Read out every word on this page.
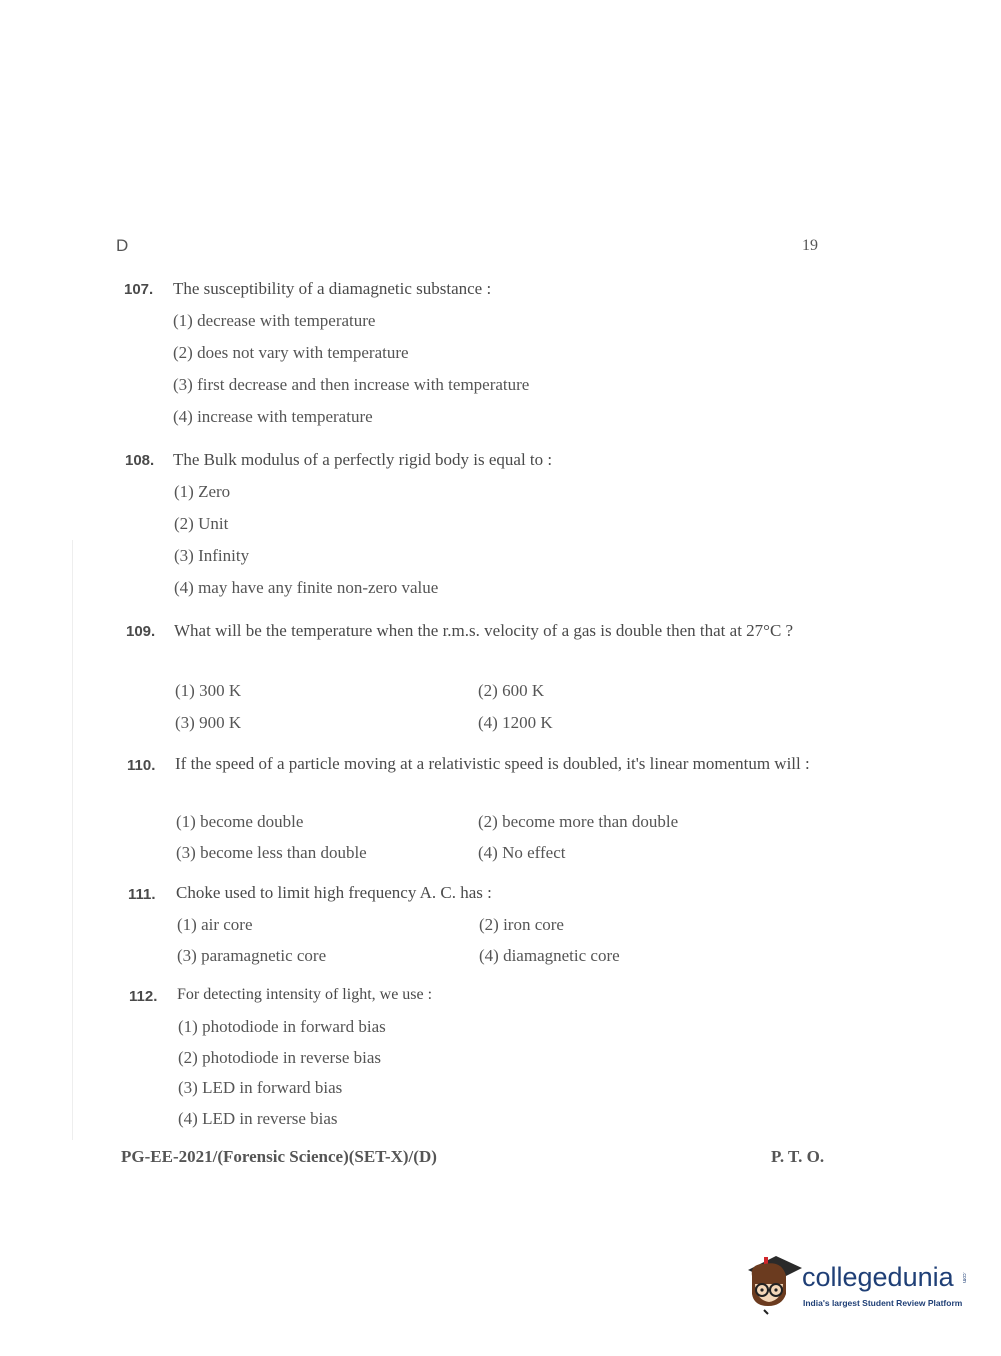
D	19
107. The susceptibility of a diamagnetic substance :
(1) decrease with temperature
(2) does not vary with temperature
(3) first decrease and then increase with temperature
(4) increase with temperature
108. The Bulk modulus of a perfectly rigid body is equal to :
(1) Zero
(2) Unit
(3) Infinity
(4) may have any finite non-zero value
109. What will be the temperature when the r.m.s. velocity of a gas is double then that at 27°C ?
(1) 300 K	(2) 600 K
(3) 900 K	(4) 1200 K
110. If the speed of a particle moving at a relativistic speed is doubled, it's linear momentum will :
(1) become double	(2) become more than double
(3) become less than double	(4) No effect
111. Choke used to limit high frequency A. C. has :
(1) air core	(2) iron core
(3) paramagnetic core	(4) diamagnetic core
112. For detecting intensity of light, we use :
(1) photodiode in forward bias
(2) photodiode in reverse bias
(3) LED in forward bias
(4) LED in reverse bias
PG-EE-2021/(Forensic Science)(SET-X)/(D)	P. T. O.
collegedunia .com
India's largest Student Review Platform
